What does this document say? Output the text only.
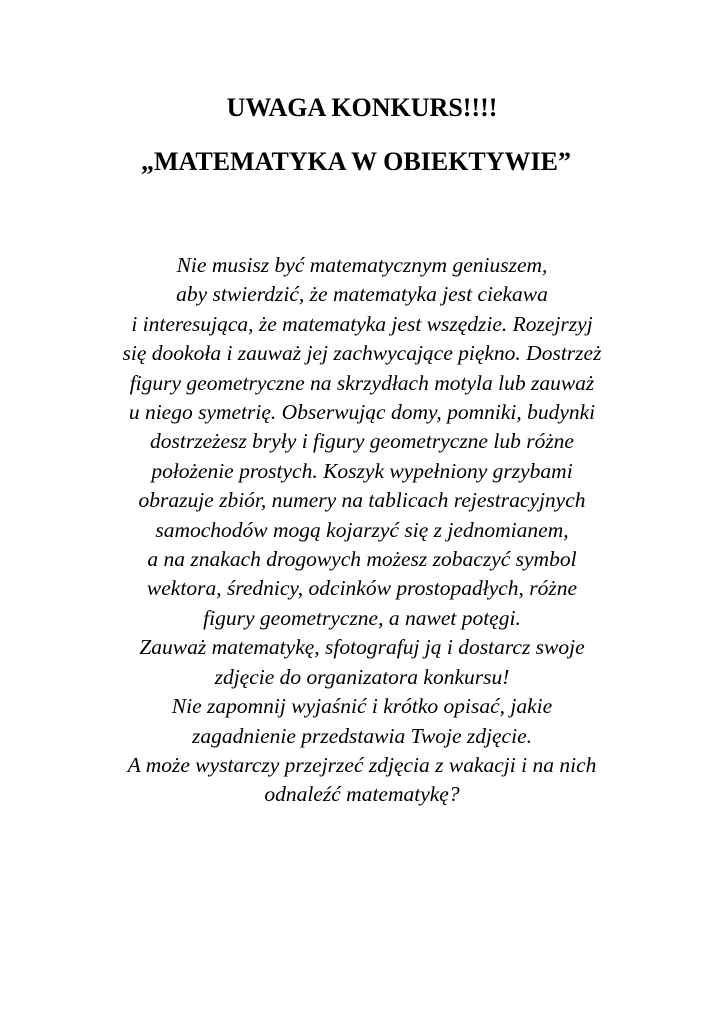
UWAGA KONKURS!!!!
„MATEMATYKA W OBIEKTYWIE”
Nie musisz być matematycznym geniuszem,
aby stwierdzić, że matematyka jest ciekawa
i interesująca, że matematyka jest wszędzie. Rozejrzyj
się dookoła i zauważ jej zachwycające piękno. Dostrzeż
figury geometryczne na skrzydłach motyla lub zauważ
u niego symetrię. Obserwując domy, pomniki, budynki
dostrzeżesz bryły i figury geometryczne lub różne
położenie prostych. Koszyk wypełniony grzybami
obrazuje zbiór, numery na tablicach rejestracyjnych
samochodów mogą kojarzyć się z jednomianem,
a na znakach drogowych możesz zobaczyć symbol
wektora, średnicy, odcinków prostopadłych, różne
figury geometryczne, a nawet potęgi.
Zauważ matematykę, sfotografuj ją i dostarcz swoje
zdjęcie do organizatora konkursu!
Nie zapomnij wyjaśnić i krótko opisać, jakie
zagadnienie przedstawia Twoje zdjęcie.
A może wystarczy przejrzeć zdjęcia z wakacji i na nich
odnaleźć matematykę?
